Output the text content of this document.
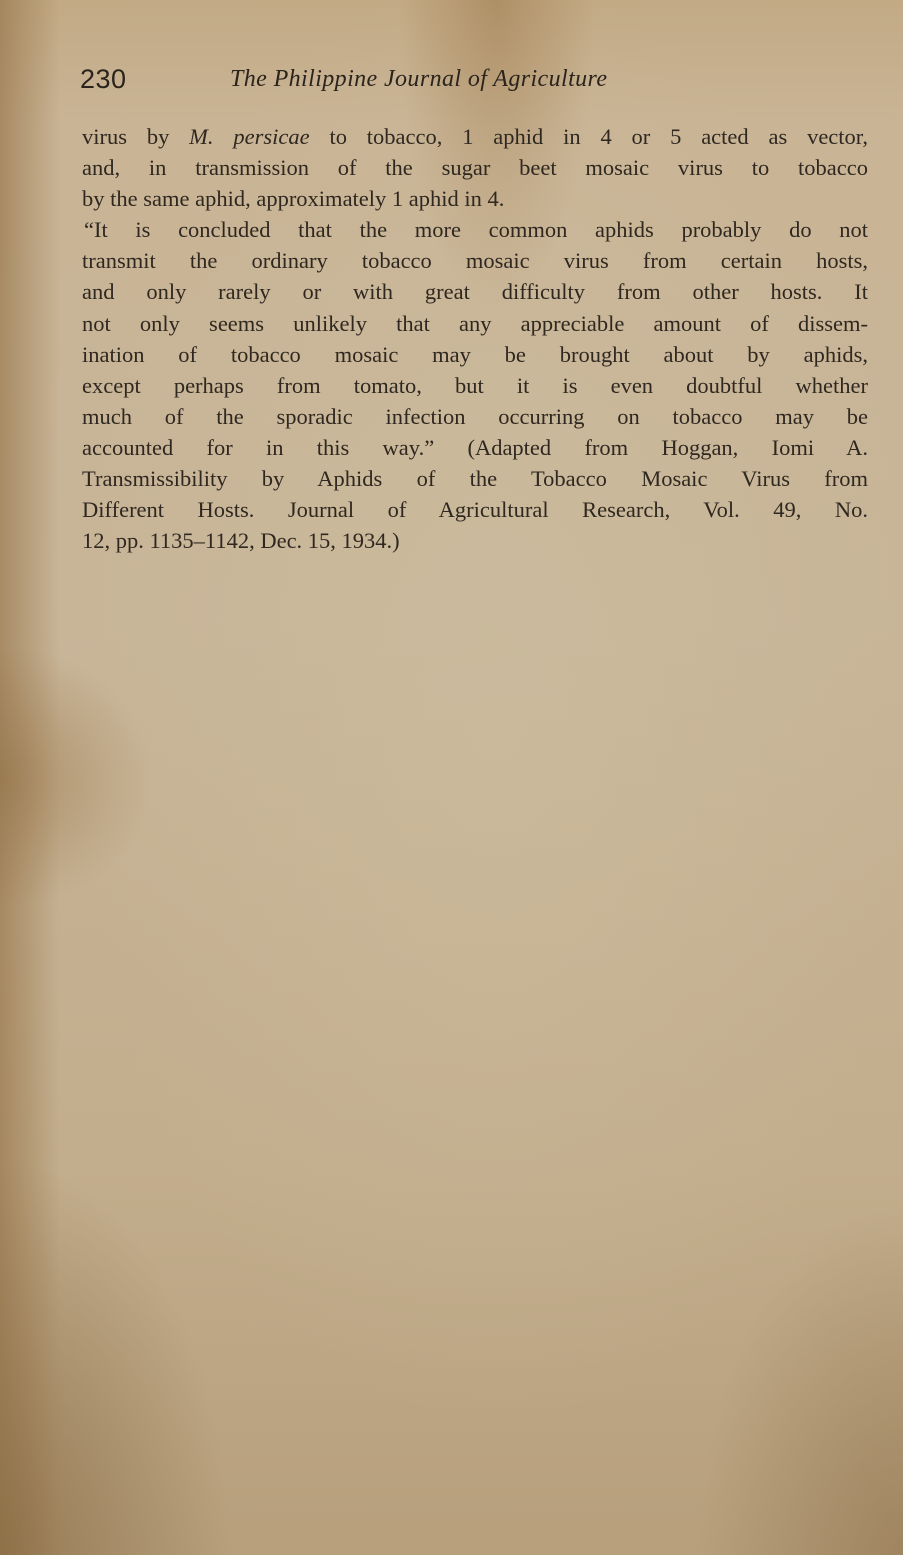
230	The Philippine Journal of Agriculture
virus by M. persicae to tobacco, 1 aphid in 4 or 5 acted as vector,
and, in transmission of the sugar beet mosaic virus to tobacco
by the same aphid, approximately 1 aphid in 4.
“It is concluded that the more common aphids probably do not
transmit the ordinary tobacco mosaic virus from certain hosts,
and only rarely or with great difficulty from other hosts. It
not only seems unlikely that any appreciable amount of dissem-
ination of tobacco mosaic may be brought about by aphids,
except perhaps from tomato, but it is even doubtful whether
much of the sporadic infection occurring on tobacco may be
accounted for in this way.” (Adapted from Hoggan, Iomi A.
Transmissibility by Aphids of the Tobacco Mosaic Virus from
Different Hosts. Journal of Agricultural Research, Vol. 49, No.
12, pp. 1135–1142, Dec. 15, 1934.)
